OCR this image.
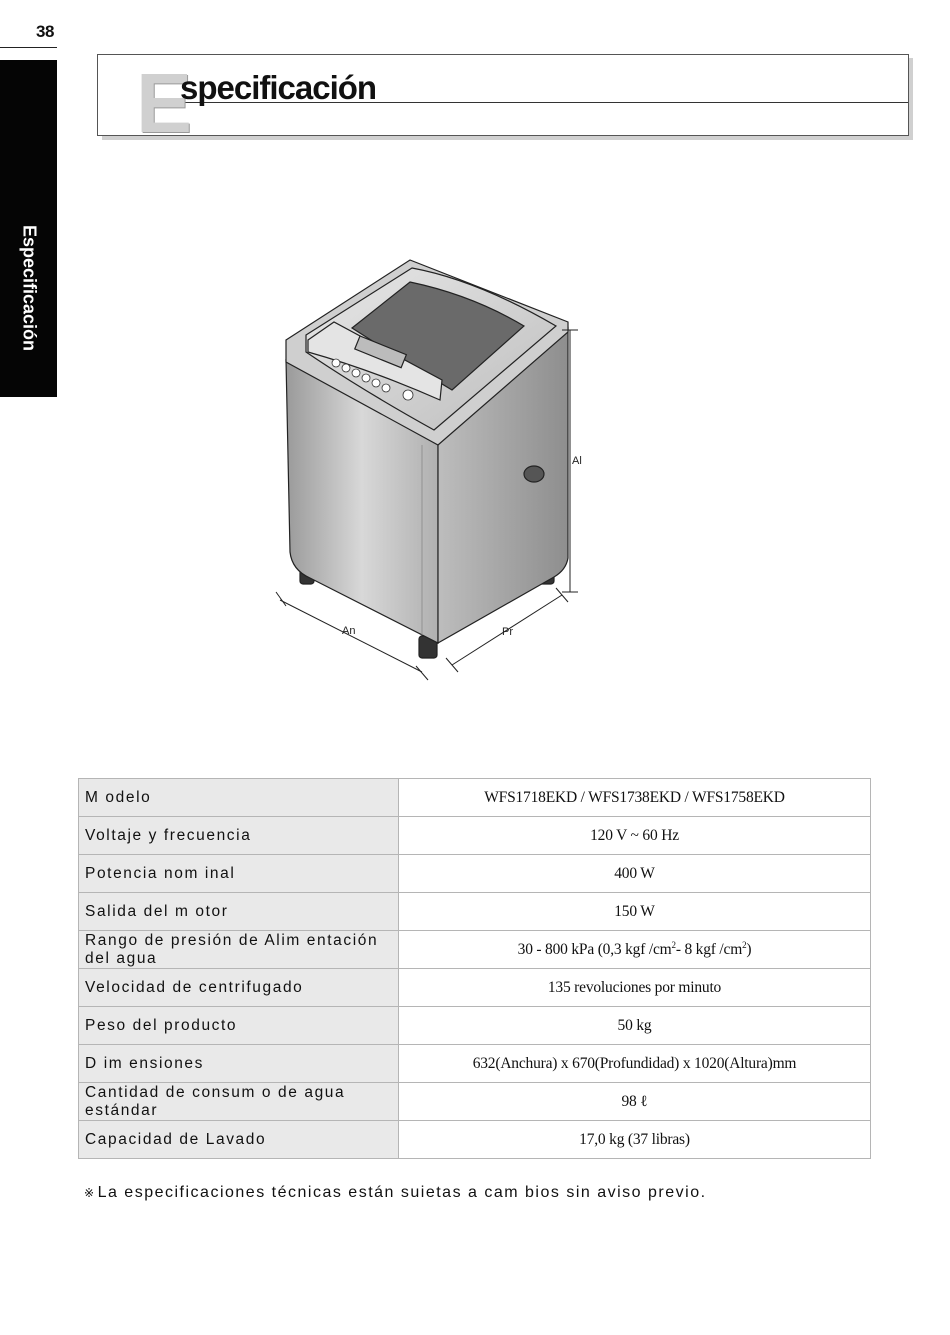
38
Especificación
E
specificación
An	Pr
Al
M odelo	WFS1718EKD / WFS1738EKD / WFS1758EKD
Voltaje y frecuencia	120 V ~ 60 Hz
Potencia nom inal	400 W
Salida del m otor	150 W
Rango de presión de Alim entación del agua	30 - 800 kPa (0,3 kgf $/cm^2-$ 8 kgf $/cm^2$)
Velocidad de centrifugado	135 revoluciones por minuto
Peso del producto	50 kg
D im ensiones	632(Anchura) x 670(Profundidad) x 1020(Altura)mm
Cantidad de consum o de agua estándar	98 ℓ
Capacidad de Lavado	17,0 kg (37 libras)
※ La especificaciones técnicas están suietas a cam bios sin aviso previo.
